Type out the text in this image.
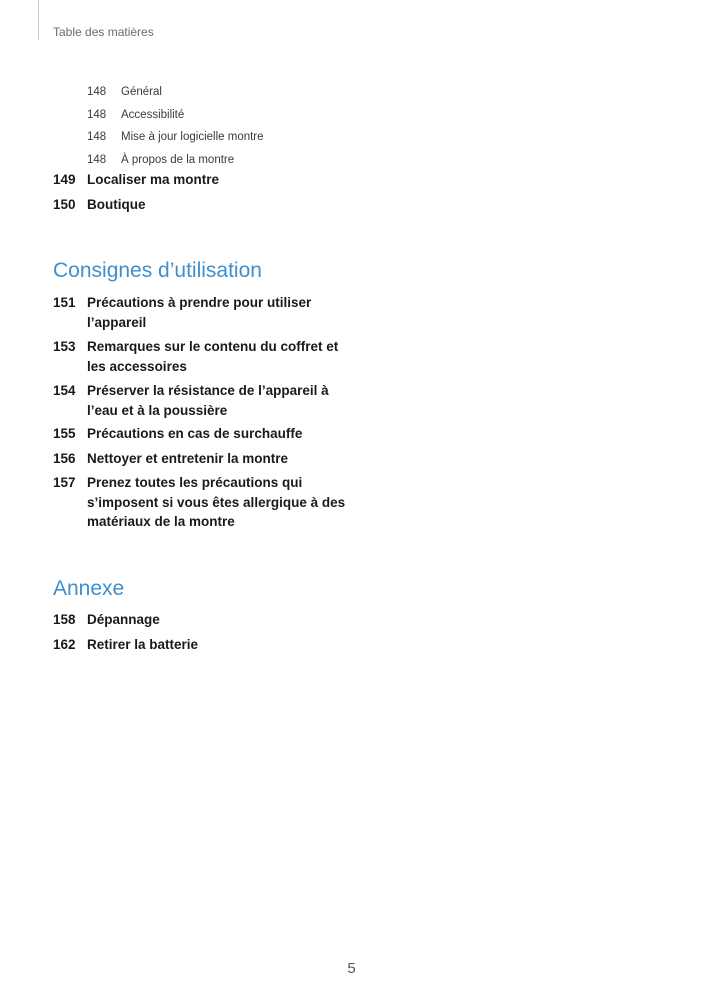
Table des matières
148	Général
148	Accessibilité
148	Mise à jour logicielle montre
148	À propos de la montre
149 Localiser ma montre
150 Boutique
Consignes d’utilisation
151 Précautions à prendre pour utiliser l’appareil
153 Remarques sur le contenu du coffret et les accessoires
154 Préserver la résistance de l’appareil à l’eau et à la poussière
155 Précautions en cas de surchauffe
156 Nettoyer et entretenir la montre
157 Prenez toutes les précautions qui s’imposent si vous êtes allergique à des matériaux de la montre
Annexe
158 Dépannage
162 Retirer la batterie
5
